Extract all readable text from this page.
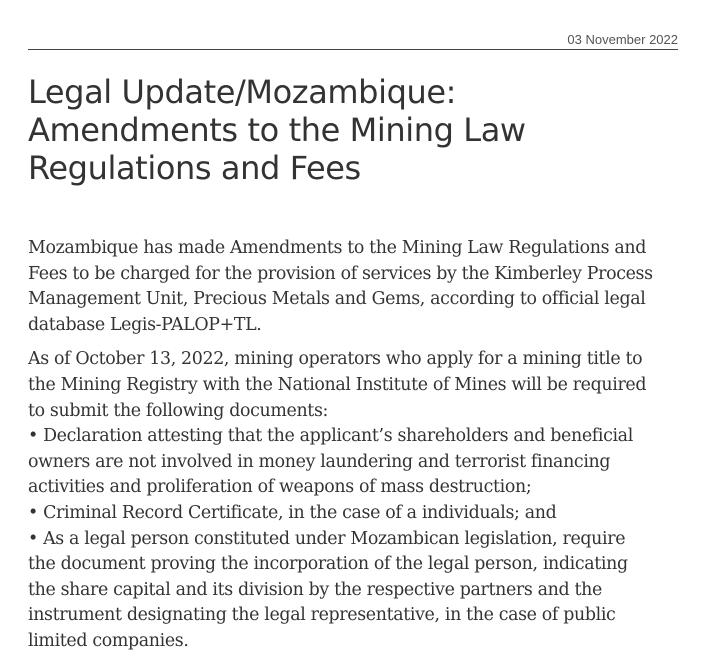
03 November 2022
Legal Update/Mozambique:
Amendments to the Mining Law
Regulations and Fees

Mozambique has made Amendments to the Mining Law Regulations and
Fees to be charged for the provision of services by the Kimberley Process
Management Unit, Precious Metals and Gems, according to official legal
database Legis-PALOP+TL.

As of October 13, 2022, mining operators who apply for a mining title to
the Mining Registry with the National Institute of Mines will be required
to submit the following documents:
• Declaration attesting that the applicant’s shareholders and beneficial
owners are not involved in money laundering and terrorist financing
activities and proliferation of weapons of mass destruction;
• Criminal Record Certificate, in the case of a individuals; and
• As a legal person constituted under Mozambican legislation, require
the document proving the incorporation of the legal person, indicating
the share capital and its division by the respective partners and the
instrument designating the legal representative, in the case of public
limited companies.
